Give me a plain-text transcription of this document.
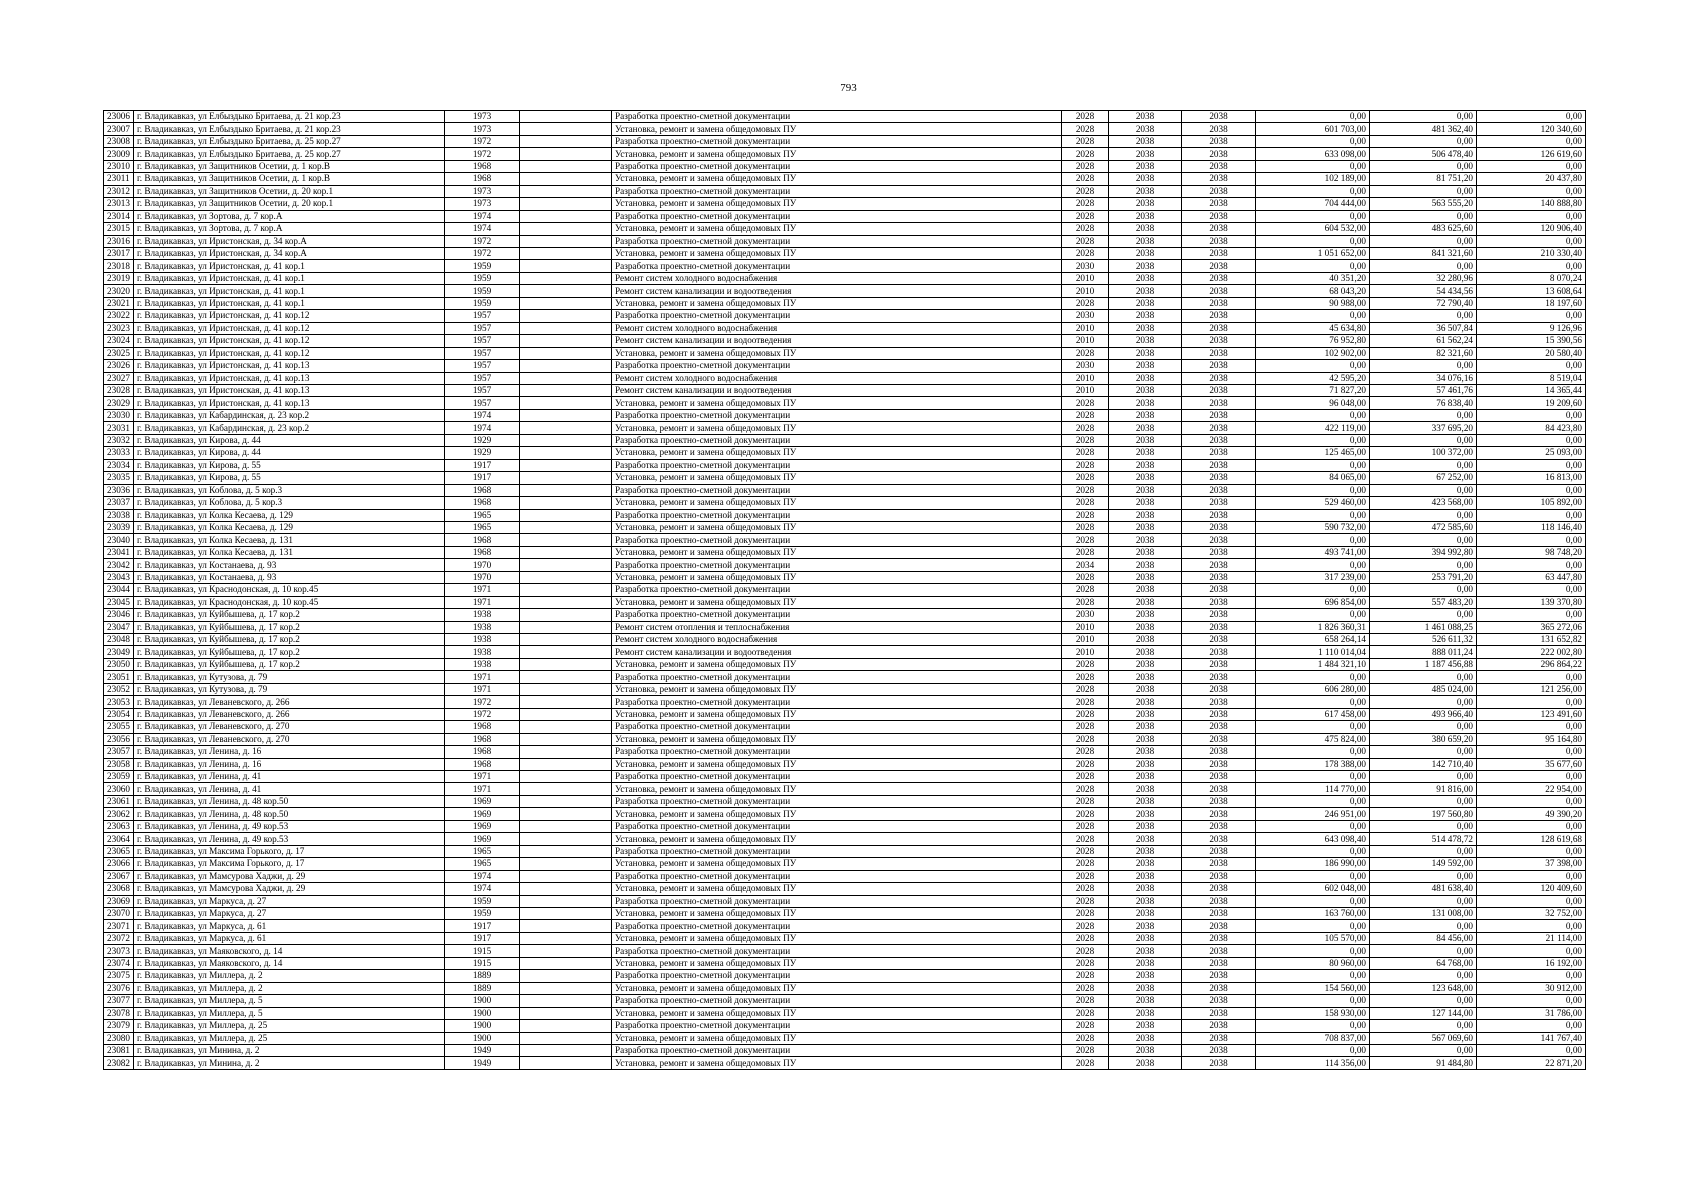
793
23006	г. Владикавказ, ул Елбыздыко Бритаева, д. 21 кор.23	1973		Разработка проектно-сметной документации	2028	2038	2038	0,00	0,00	0,00
23007	г. Владикавказ, ул Елбыздыко Бритаева, д. 21 кор.23	1973		Установка, ремонт и замена общедомовых ПУ	2028	2038	2038	601 703,00	481 362,40	120 340,60
23008	г. Владикавказ, ул Елбыздыко Бритаева, д. 25 кор.27	1972		Разработка проектно-сметной документации	2028	2038	2038	0,00	0,00	0,00
23009	г. Владикавказ, ул Елбыздыко Бритаева, д. 25 кор.27	1972		Установка, ремонт и замена общедомовых ПУ	2028	2038	2038	633 098,00	506 478,40	126 619,60
23010	г. Владикавказ, ул Защитников Осетии, д. 1 кор.В	1968		Разработка проектно-сметной документации	2028	2038	2038	0,00	0,00	0,00
23011	г. Владикавказ, ул Защитников Осетии, д. 1 кор.В	1968		Установка, ремонт и замена общедомовых ПУ	2028	2038	2038	102 189,00	81 751,20	20 437,80
23012	г. Владикавказ, ул Защитников Осетии, д. 20 кор.1	1973		Разработка проектно-сметной документации	2028	2038	2038	0,00	0,00	0,00
23013	г. Владикавказ, ул Защитников Осетии, д. 20 кор.1	1973		Установка, ремонт и замена общедомовых ПУ	2028	2038	2038	704 444,00	563 555,20	140 888,80
23014	г. Владикавказ, ул Зортова, д. 7 кор.А	1974		Разработка проектно-сметной документации	2028	2038	2038	0,00	0,00	0,00
23015	г. Владикавказ, ул Зортова, д. 7 кор.А	1974		Установка, ремонт и замена общедомовых ПУ	2028	2038	2038	604 532,00	483 625,60	120 906,40
23016	г. Владикавказ, ул Иристонская, д. 34 кор.А	1972		Разработка проектно-сметной документации	2028	2038	2038	0,00	0,00	0,00
23017	г. Владикавказ, ул Иристонская, д. 34 кор.А	1972		Установка, ремонт и замена общедомовых ПУ	2028	2038	2038	1 051 652,00	841 321,60	210 330,40
23018	г. Владикавказ, ул Иристонская, д. 41 кор.1	1959		Разработка проектно-сметной документации	2030	2038	2038	0,00	0,00	0,00
23019	г. Владикавказ, ул Иристонская, д. 41 кор.1	1959		Ремонт систем холодного водоснабжения	2010	2038	2038	40 351,20	32 280,96	8 070,24
23020	г. Владикавказ, ул Иристонская, д. 41 кор.1	1959		Ремонт систем канализации и водоотведения	2010	2038	2038	68 043,20	54 434,56	13 608,64
23021	г. Владикавказ, ул Иристонская, д. 41 кор.1	1959		Установка, ремонт и замена общедомовых ПУ	2028	2038	2038	90 988,00	72 790,40	18 197,60
23022	г. Владикавказ, ул Иристонская, д. 41 кор.12	1957		Разработка проектно-сметной документации	2030	2038	2038	0,00	0,00	0,00
23023	г. Владикавказ, ул Иристонская, д. 41 кор.12	1957		Ремонт систем холодного водоснабжения	2010	2038	2038	45 634,80	36 507,84	9 126,96
23024	г. Владикавказ, ул Иристонская, д. 41 кор.12	1957		Ремонт систем канализации и водоотведения	2010	2038	2038	76 952,80	61 562,24	15 390,56
23025	г. Владикавказ, ул Иристонская, д. 41 кор.12	1957		Установка, ремонт и замена общедомовых ПУ	2028	2038	2038	102 902,00	82 321,60	20 580,40
23026	г. Владикавказ, ул Иристонская, д. 41 кор.13	1957		Разработка проектно-сметной документации	2030	2038	2038	0,00	0,00	0,00
23027	г. Владикавказ, ул Иристонская, д. 41 кор.13	1957		Ремонт систем холодного водоснабжения	2010	2038	2038	42 595,20	34 076,16	8 519,04
23028	г. Владикавказ, ул Иристонская, д. 41 кор.13	1957		Ремонт систем канализации и водоотведения	2010	2038	2038	71 827,20	57 461,76	14 365,44
23029	г. Владикавказ, ул Иристонская, д. 41 кор.13	1957		Установка, ремонт и замена общедомовых ПУ	2028	2038	2038	96 048,00	76 838,40	19 209,60
23030	г. Владикавказ, ул Кабардинская, д. 23 кор.2	1974		Разработка проектно-сметной документации	2028	2038	2038	0,00	0,00	0,00
23031	г. Владикавказ, ул Кабардинская, д. 23 кор.2	1974		Установка, ремонт и замена общедомовых ПУ	2028	2038	2038	422 119,00	337 695,20	84 423,80
23032	г. Владикавказ, ул Кирова, д. 44	1929		Разработка проектно-сметной документации	2028	2038	2038	0,00	0,00	0,00
23033	г. Владикавказ, ул Кирова, д. 44	1929		Установка, ремонт и замена общедомовых ПУ	2028	2038	2038	125 465,00	100 372,00	25 093,00
23034	г. Владикавказ, ул Кирова, д. 55	1917		Разработка проектно-сметной документации	2028	2038	2038	0,00	0,00	0,00
23035	г. Владикавказ, ул Кирова, д. 55	1917		Установка, ремонт и замена общедомовых ПУ	2028	2038	2038	84 065,00	67 252,00	16 813,00
23036	г. Владикавказ, ул Коблова, д. 5 кор.3	1968		Разработка проектно-сметной документации	2028	2038	2038	0,00	0,00	0,00
23037	г. Владикавказ, ул Коблова, д. 5 кор.3	1968		Установка, ремонт и замена общедомовых ПУ	2028	2038	2038	529 460,00	423 568,00	105 892,00
23038	г. Владикавказ, ул Колка Кесаева, д. 129	1965		Разработка проектно-сметной документации	2028	2038	2038	0,00	0,00	0,00
23039	г. Владикавказ, ул Колка Кесаева, д. 129	1965		Установка, ремонт и замена общедомовых ПУ	2028	2038	2038	590 732,00	472 585,60	118 146,40
23040	г. Владикавказ, ул Колка Кесаева, д. 131	1968		Разработка проектно-сметной документации	2028	2038	2038	0,00	0,00	0,00
23041	г. Владикавказ, ул Колка Кесаева, д. 131	1968		Установка, ремонт и замена общедомовых ПУ	2028	2038	2038	493 741,00	394 992,80	98 748,20
23042	г. Владикавказ, ул Костанаева, д. 93	1970		Разработка проектно-сметной документации	2034	2038	2038	0,00	0,00	0,00
23043	г. Владикавказ, ул Костанаева, д. 93	1970		Установка, ремонт и замена общедомовых ПУ	2028	2038	2038	317 239,00	253 791,20	63 447,80
23044	г. Владикавказ, ул Краснодонская, д. 10 кор.45	1971		Разработка проектно-сметной документации	2028	2038	2038	0,00	0,00	0,00
23045	г. Владикавказ, ул Краснодонская, д. 10 кор.45	1971		Установка, ремонт и замена общедомовых ПУ	2028	2038	2038	696 854,00	557 483,20	139 370,80
23046	г. Владикавказ, ул Куйбышева, д. 17 кор.2	1938		Разработка проектно-сметной документации	2030	2038	2038	0,00	0,00	0,00
23047	г. Владикавказ, ул Куйбышева, д. 17 кор.2	1938		Ремонт систем отопления и теплоснабжения	2010	2038	2038	1 826 360,31	1 461 088,25	365 272,06
23048	г. Владикавказ, ул Куйбышева, д. 17 кор.2	1938		Ремонт систем холодного водоснабжения	2010	2038	2038	658 264,14	526 611,32	131 652,82
23049	г. Владикавказ, ул Куйбышева, д. 17 кор.2	1938		Ремонт систем канализации и водоотведения	2010	2038	2038	1 110 014,04	888 011,24	222 002,80
23050	г. Владикавказ, ул Куйбышева, д. 17 кор.2	1938		Установка, ремонт и замена общедомовых ПУ	2028	2038	2038	1 484 321,10	1 187 456,88	296 864,22
23051	г. Владикавказ, ул Кутузова, д. 79	1971		Разработка проектно-сметной документации	2028	2038	2038	0,00	0,00	0,00
23052	г. Владикавказ, ул Кутузова, д. 79	1971		Установка, ремонт и замена общедомовых ПУ	2028	2038	2038	606 280,00	485 024,00	121 256,00
23053	г. Владикавказ, ул Леваневского, д. 266	1972		Разработка проектно-сметной документации	2028	2038	2038	0,00	0,00	0,00
23054	г. Владикавказ, ул Леваневского, д. 266	1972		Установка, ремонт и замена общедомовых ПУ	2028	2038	2038	617 458,00	493 966,40	123 491,60
23055	г. Владикавказ, ул Леваневского, д. 270	1968		Разработка проектно-сметной документации	2028	2038	2038	0,00	0,00	0,00
23056	г. Владикавказ, ул Леваневского, д. 270	1968		Установка, ремонт и замена общедомовых ПУ	2028	2038	2038	475 824,00	380 659,20	95 164,80
23057	г. Владикавказ, ул Ленина, д. 16	1968		Разработка проектно-сметной документации	2028	2038	2038	0,00	0,00	0,00
23058	г. Владикавказ, ул Ленина, д. 16	1968		Установка, ремонт и замена общедомовых ПУ	2028	2038	2038	178 388,00	142 710,40	35 677,60
23059	г. Владикавказ, ул Ленина, д. 41	1971		Разработка проектно-сметной документации	2028	2038	2038	0,00	0,00	0,00
23060	г. Владикавказ, ул Ленина, д. 41	1971		Установка, ремонт и замена общедомовых ПУ	2028	2038	2038	114 770,00	91 816,00	22 954,00
23061	г. Владикавказ, ул Ленина, д. 48 кор.50	1969		Разработка проектно-сметной документации	2028	2038	2038	0,00	0,00	0,00
23062	г. Владикавказ, ул Ленина, д. 48 кор.50	1969		Установка, ремонт и замена общедомовых ПУ	2028	2038	2038	246 951,00	197 560,80	49 390,20
23063	г. Владикавказ, ул Ленина, д. 49 кор.53	1969		Разработка проектно-сметной документации	2028	2038	2038	0,00	0,00	0,00
23064	г. Владикавказ, ул Ленина, д. 49 кор.53	1969		Установка, ремонт и замена общедомовых ПУ	2028	2038	2038	643 098,40	514 478,72	128 619,68
23065	г. Владикавказ, ул Максима Горького, д. 17	1965		Разработка проектно-сметной документации	2028	2038	2038	0,00	0,00	0,00
23066	г. Владикавказ, ул Максима Горького, д. 17	1965		Установка, ремонт и замена общедомовых ПУ	2028	2038	2038	186 990,00	149 592,00	37 398,00
23067	г. Владикавказ, ул Мамсурова Хаджи, д. 29	1974		Разработка проектно-сметной документации	2028	2038	2038	0,00	0,00	0,00
23068	г. Владикавказ, ул Мамсурова Хаджи, д. 29	1974		Установка, ремонт и замена общедомовых ПУ	2028	2038	2038	602 048,00	481 638,40	120 409,60
23069	г. Владикавказ, ул Маркуса, д. 27	1959		Разработка проектно-сметной документации	2028	2038	2038	0,00	0,00	0,00
23070	г. Владикавказ, ул Маркуса, д. 27	1959		Установка, ремонт и замена общедомовых ПУ	2028	2038	2038	163 760,00	131 008,00	32 752,00
23071	г. Владикавказ, ул Маркуса, д. 61	1917		Разработка проектно-сметной документации	2028	2038	2038	0,00	0,00	0,00
23072	г. Владикавказ, ул Маркуса, д. 61	1917		Установка, ремонт и замена общедомовых ПУ	2028	2038	2038	105 570,00	84 456,00	21 114,00
23073	г. Владикавказ, ул Маяковского, д. 14	1915		Разработка проектно-сметной документации	2028	2038	2038	0,00	0,00	0,00
23074	г. Владикавказ, ул Маяковского, д. 14	1915		Установка, ремонт и замена общедомовых ПУ	2028	2038	2038	80 960,00	64 768,00	16 192,00
23075	г. Владикавказ, ул Миллера, д. 2	1889		Разработка проектно-сметной документации	2028	2038	2038	0,00	0,00	0,00
23076	г. Владикавказ, ул Миллера, д. 2	1889		Установка, ремонт и замена общедомовых ПУ	2028	2038	2038	154 560,00	123 648,00	30 912,00
23077	г. Владикавказ, ул Миллера, д. 5	1900		Разработка проектно-сметной документации	2028	2038	2038	0,00	0,00	0,00
23078	г. Владикавказ, ул Миллера, д. 5	1900		Установка, ремонт и замена общедомовых ПУ	2028	2038	2038	158 930,00	127 144,00	31 786,00
23079	г. Владикавказ, ул Миллера, д. 25	1900		Разработка проектно-сметной документации	2028	2038	2038	0,00	0,00	0,00
23080	г. Владикавказ, ул Миллера, д. 25	1900		Установка, ремонт и замена общедомовых ПУ	2028	2038	2038	708 837,00	567 069,60	141 767,40
23081	г. Владикавказ, ул Минина, д. 2	1949		Разработка проектно-сметной документации	2028	2038	2038	0,00	0,00	0,00
23082	г. Владикавказ, ул Минина, д. 2	1949		Установка, ремонт и замена общедомовых ПУ	2028	2038	2038	114 356,00	91 484,80	22 871,20
